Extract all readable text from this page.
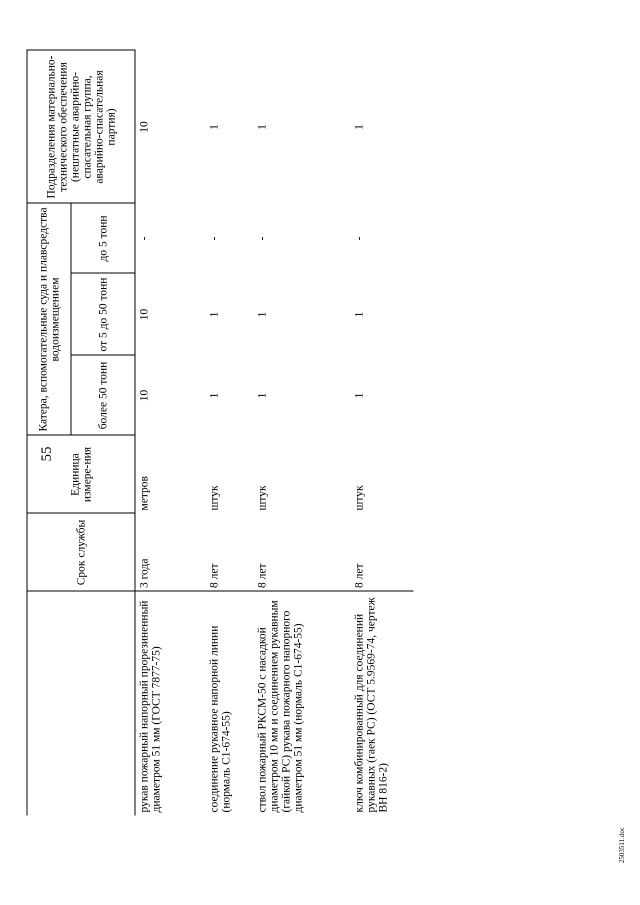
55
	Срок службы	Единица измере-ния	Катера, вспомогательные суда и плавсредства водоизмещением			Подразделения материально-технического обеспечения (нештатные аварийно-спасательная группа, аварийно-спасательная партия)
			более 50 тонн	от 5 до 50 тонн	до 5 тонн	
рукав пожарный напорный прорезиненный диаметром 51 мм (ГОСТ 7877-75)	3 года	метров	10	10	-	10
соединение рукавное напорной линии (нормаль С1-674-55)	8 лет	штук	1	1	-	1
ствол пожарный РКСМ-50 с насадкой диаметром 10 мм и соединением рукавным (гайкой РС) рукава пожарного напорного диаметром 51 мм (нормаль С1-674-55)	8 лет	штук	1	1	-	1
ключ комбинированный для соединений рукавных (гаек РС) (ОСТ 5.9569-74, чертеж ВН 816-2)	8 лет	штук	1	1	-	1
2503511.doc
